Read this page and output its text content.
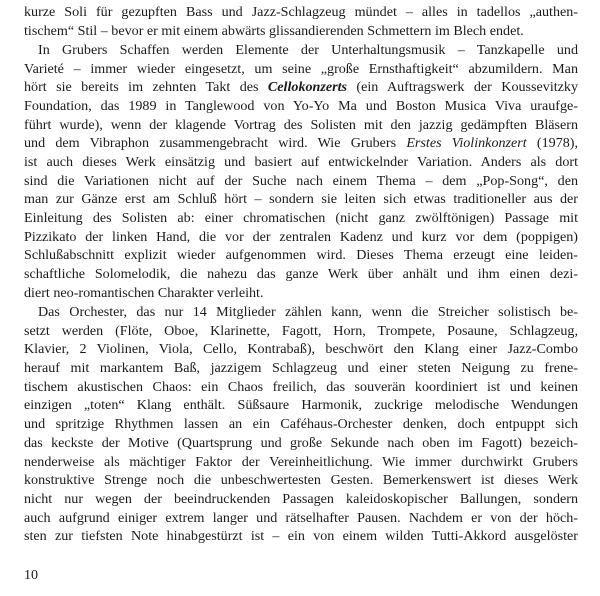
kurze Soli für gezupften Bass und Jazz-Schlagzeug mündet – alles in tadellos „authen-
tischem“ Stil – bevor er mit einem abwärts glissandierenden Schmettern im Blech endet.
In Grubers Schaffen werden Elemente der Unterhaltungsmusik – Tanzkapelle und
Varieté – immer wieder eingesetzt, um seine „große Ernsthaftigkeit“ abzumildern. Man
hört sie bereits im zehnten Takt des Cellokonzerts (ein Auftragswerk der Koussevitzky
Foundation, das 1989 in Tanglewood von Yo-Yo Ma und Boston Musica Viva uraufge-
führt wurde), wenn der klagende Vortrag des Solisten mit den jazzig gedämpften Bläsern
und dem Vibraphon zusammengebracht wird. Wie Grubers Erstes Violinkonzert (1978),
ist auch dieses Werk einsätzig und basiert auf entwickelnder Variation. Anders als dort
sind die Variationen nicht auf der Suche nach einem Thema – dem „Pop-Song“, den
man zur Gänze erst am Schluß hört – sondern sie leiten sich etwas traditioneller aus der
Einleitung des Solisten ab: einer chromatischen (nicht ganz zwölftönigen) Passage mit
Pizzikato der linken Hand, die vor der zentralen Kadenz und kurz vor dem (poppigen)
Schlußabschnitt explizit wieder aufgenommen wird. Dieses Thema erzeugt eine leiden-
schaftliche Solomelodik, die nahezu das ganze Werk über anhält und ihm einen dezi-
diert neo-romantischen Charakter verleiht.
Das Orchester, das nur 14 Mitglieder zählen kann, wenn die Streicher solistisch be-
setzt werden (Flöte, Oboe, Klarinette, Fagott, Horn, Trompete, Posaune, Schlagzeug,
Klavier, 2 Violinen, Viola, Cello, Kontrabaß), beschwört den Klang einer Jazz-Combo
herauf mit markantem Baß, jazzigem Schlagzeug und einer steten Neigung zu frene-
tischem akustischen Chaos: ein Chaos freilich, das souverän koordiniert ist und keinen
einzigen „toten“ Klang enthält. Süßsaure Harmonik, zuckrige melodische Wendungen
und spritzige Rhythmen lassen an ein Caféhaus-Orchester denken, doch entpuppt sich
das keckste der Motive (Quartsprung und große Sekunde nach oben im Fagott) bezeich-
nenderweise als mächtiger Faktor der Vereinheitlichung. Wie immer durchwirkt Grubers
konstruktive Strenge noch die unbeschwertesten Gesten. Bemerkenswert ist dieses Werk
nicht nur wegen der beeindruckenden Passagen kaleidoskopischer Ballungen, sondern
auch aufgrund einiger extrem langer und rätselhafter Pausen. Nachdem er von der höch-
sten zur tiefsten Note hinabgestürzt ist – ein von einem wilden Tutti-Akkord ausgelöster
10
